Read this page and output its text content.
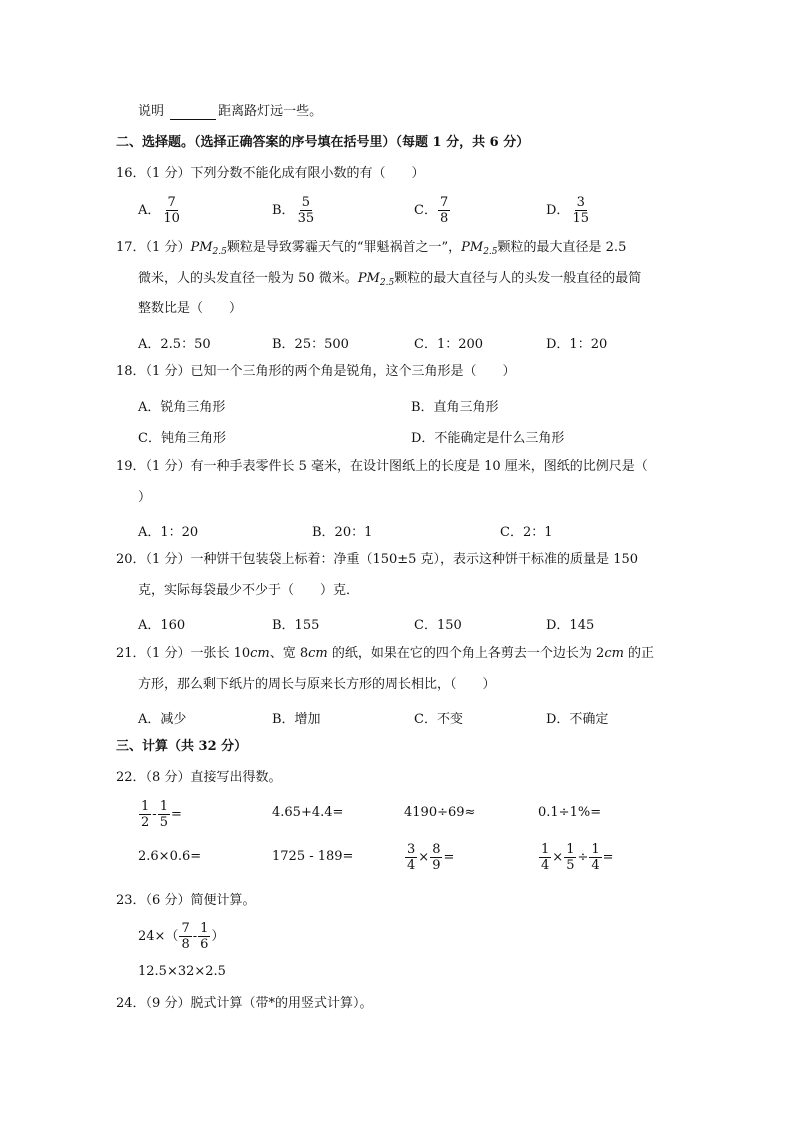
说明	距离路灯远一些。
二、选择题。（选择正确答案的序号填在括号里）（每题 1 分，共 6 分）
16．（1 分）下列分数不能化成有限小数的有（　　）
A． $\frac{7}{10}$	B． $\frac{5}{35}$	C． $\frac{7}{8}$	D． $\frac{3}{15}$
17．（1 分）$PM_{2.5}$颗粒是导致雾霾天气的“罪魁祸首之一”，$PM_{2.5}$颗粒的最大直径是 2.5
微米，人的头发直径一般为 50 微米。$PM_{2.5}$颗粒的最大直径与人的头发一般直径的最简
整数比是（　　）
A．2.5：50	B．25：500	C．1：200	D．1：20
18．（1 分）已知一个三角形的两个角是锐角，这个三角形是（　　）
A．锐角三角形	B．直角三角形
C．钝角三角形	D．不能确定是什么三角形
19．（1 分）有一种手表零件长 5 毫米，在设计图纸上的长度是 10 厘米，图纸的比例尺是（
）
A．1：20	B．20：1	C．2：1
20．（1 分）一种饼干包装袋上标着：净重（150±5 克），表示这种饼干标准的质量是 150
克，实际每袋最少不少于（　　）克．
A．160	B．155	C．150	D．145
21．（1 分）一张长 10cm、宽 8cm 的纸，如果在它的四个角上各剪去一个边长为 2cm 的正
方形，那么剩下纸片的周长与原来长方形的周长相比，（　　）
A．减少	B．增加	C．不变	D．不确定
三、计算（共 32 分）
22．（8 分）直接写出得数。
$\frac{1}{2} - \frac{1}{5}$ =	4.65+4.4=	4190÷69≈	0.1÷1%=
2.6×0.6=	1725 - 189=	$\frac{3}{4} \times \frac{8}{9}$ =	$\frac{1}{4} \times \frac{1}{5} \div \frac{1}{4}$ =
23．（6 分）简便计算。
$24\times( \frac{7}{8} - \frac{1}{6}$ ）
12.5×32×2.5
24．（9 分）脱式计算（带*的用竖式计算）。
